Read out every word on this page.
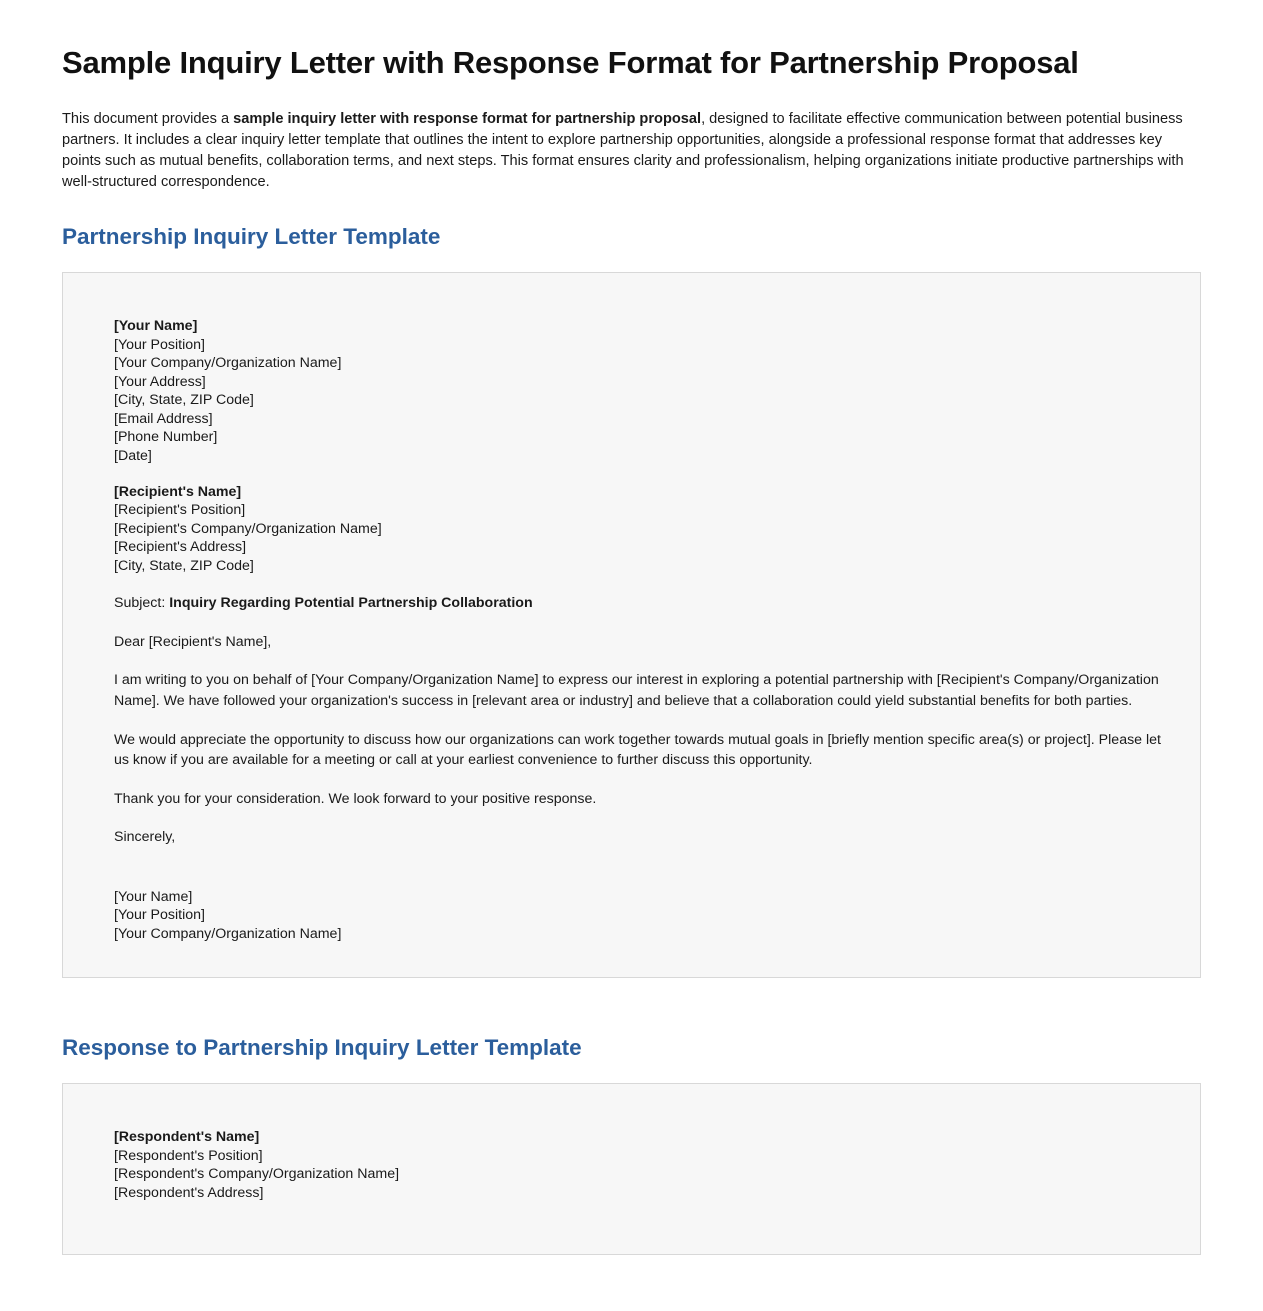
Sample Inquiry Letter with Response Format for Partnership Proposal

This document provides a sample inquiry letter with response format for partnership proposal, designed to facilitate effective communication between potential business partners. It includes a clear inquiry letter template that outlines the intent to explore partnership opportunities, alongside a professional response format that addresses key points such as mutual benefits, collaboration terms, and next steps. This format ensures clarity and professionalism, helping organizations initiate productive partnerships with well-structured correspondence.

Partnership Inquiry Letter Template
[Your Name]
[Your Position]
[Your Company/Organization Name]
[Your Address]
[City, State, ZIP Code]
[Email Address]
[Phone Number]
[Date]
[Recipient's Name]
[Recipient's Position]
[Recipient's Company/Organization Name]
[Recipient's Address]
[City, State, ZIP Code]

Subject: Inquiry Regarding Potential Partnership Collaboration

Dear [Recipient's Name],

I am writing to you on behalf of [Your Company/Organization Name] to express our interest in exploring a potential partnership with [Recipient's Company/Organization Name]. We have followed your organization's success in [relevant area or industry] and believe that a collaboration could yield substantial benefits for both parties.

We would appreciate the opportunity to discuss how our organizations can work together towards mutual goals in [briefly mention specific area(s) or project]. Please let us know if you are available for a meeting or call at your earliest convenience to further discuss this opportunity.

Thank you for your consideration. We look forward to your positive response.

Sincerely,

[Your Name]
[Your Position]
[Your Company/Organization Name]
Response to Partnership Inquiry Letter Template
[Respondent's Name]
[Respondent's Position]
[Respondent's Company/Organization Name]
[Respondent's Address]
